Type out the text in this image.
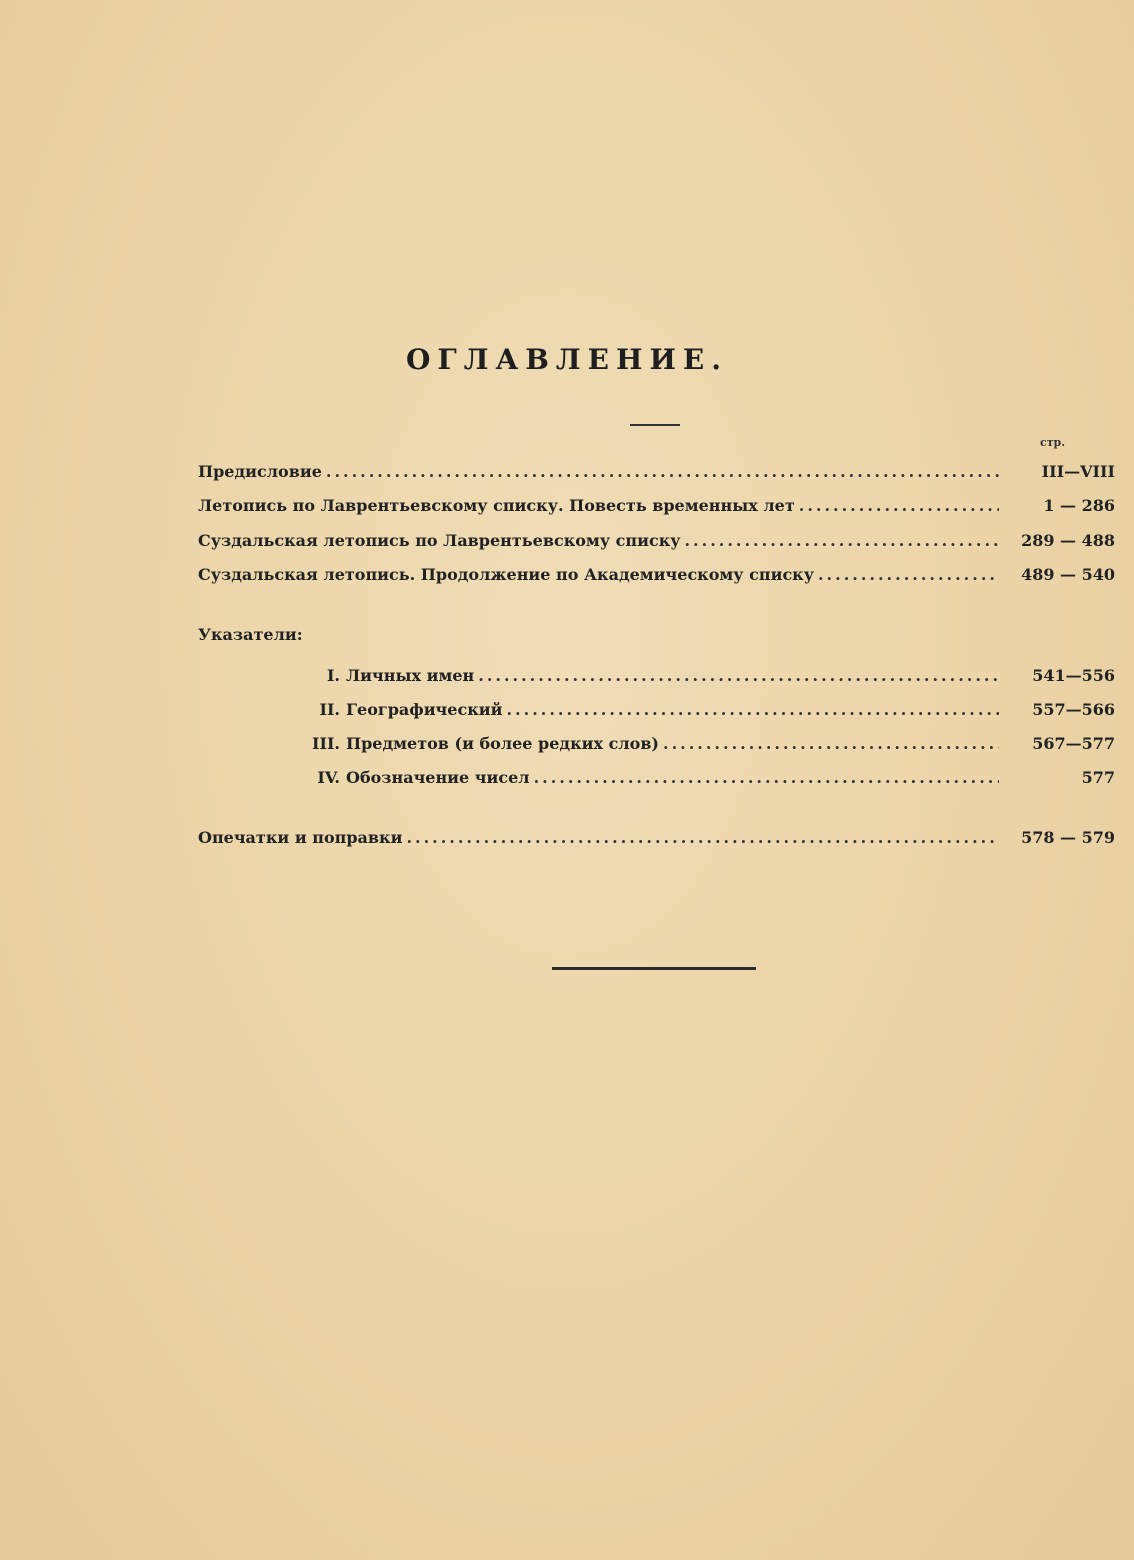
ОГЛАВЛЕНИЕ.
стр.
Предисловие .....	III—VIII
Летопись по Лаврентьевскому списку. Повесть временных лет .....	1 — 286
Суздальская летопись по Лаврентьевскому списку .....	289 — 488
Суздальская летопись. Продолжение по Академическому списку .....	489 — 540
Указатели:
I. Личных имен .....	541—556
II. Географический .....	557—566
III. Предметов (и более редких слов) .....	567—577
IV. Обозначение чисел .....	577
Опечатки и поправки .....	578 — 579
